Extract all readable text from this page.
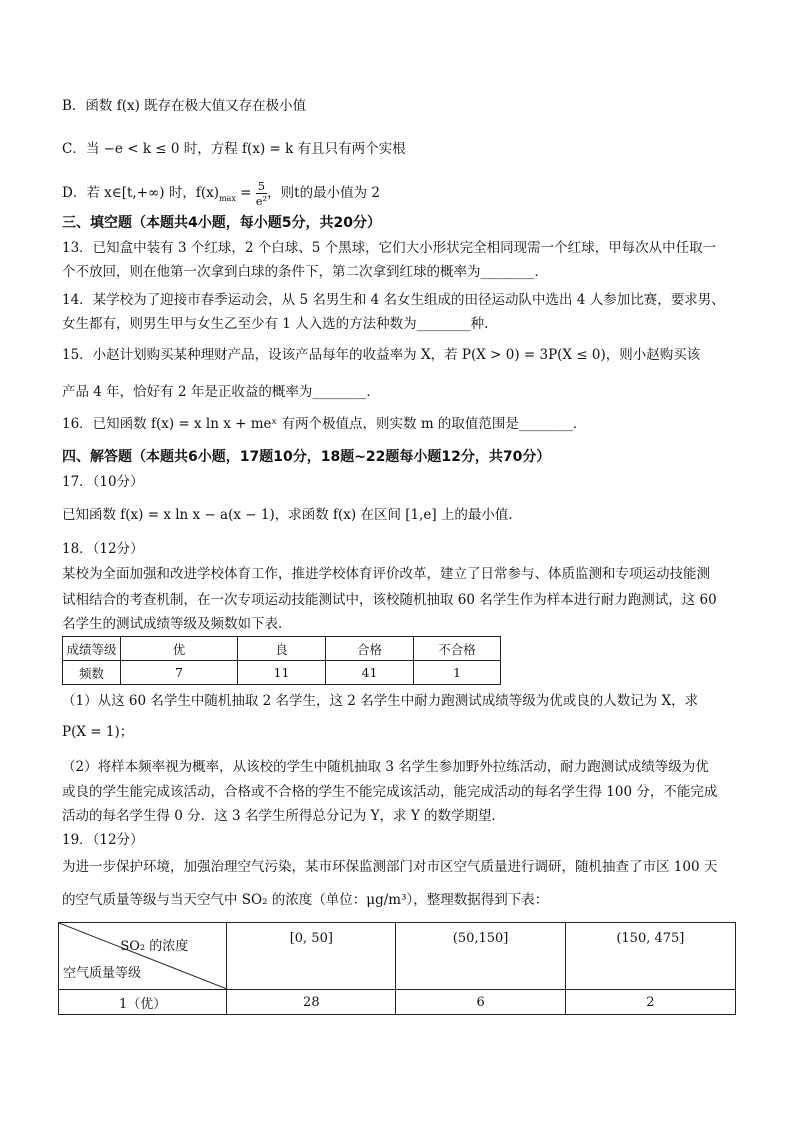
B．函数 f(x) 既存在极大值又存在极小值
C．当 −e < k ≤ 0 时，方程 f(x) = k 有且只有两个实根
D．若 x∈[t,+∞) 时，$f(x)_{max} = \frac{5}{\text{e²}}$ ，则t的最小值为 2
三、填空题（本题共4小题，每小题5分，共20分）
13．已知盒中装有 3 个红球，2 个白球、5 个黑球，它们大小形状完全相同现需一个红球，甲每次从中任取一
个不放回，则在他第一次拿到白球的条件下，第二次拿到红球的概率为________．
14．某学校为了迎接市春季运动会，从 5 名男生和 4 名女生组成的田径运动队中选出 4 人参加比赛，要求男、
女生都有，则男生甲与女生乙至少有 1 人入选的方法种数为________种．
15．小赵计划购买某种理财产品，设该产品每年的收益率为 X，若 P(X > 0) = 3P(X ≤ 0)，则小赵购买该
产品 4 年，恰好有 2 年是正收益的概率为________．
16．已知函数 f(x) = x ln x + meˣ 有两个极值点，则实数 m 的取值范围是________．
四、解答题（本题共6小题，17题10分，18题~22题每小题12分，共70分）
17．（10分）
已知函数 f(x) = x ln x − a(x − 1)，求函数 f(x) 在区间 [1,e] 上的最小值．
18．（12分）
某校为全面加强和改进学校体育工作，推进学校体育评价改革，建立了日常参与、体质监测和专项运动技能测
试相结合的考查机制，在一次专项运动技能测试中，该校随机抽取 60 名学生作为样本进行耐力跑测试，这 60
名学生的测试成绩等级及频数如下表．
成绩等级	优	良	合格	不合格
频数	7	11	41	1
（1）从这 60 名学生中随机抽取 2 名学生，这 2 名学生中耐力跑测试成绩等级为优或良的人数记为 X，求
P(X = 1)；
（2）将样本频率视为概率，从该校的学生中随机抽取 3 名学生参加野外拉练活动，耐力跑测试成绩等级为优
或良的学生能完成该活动，合格或不合格的学生不能完成该活动，能完成活动的每名学生得 100 分，不能完成
活动的每名学生得 0 分．这 3 名学生所得总分记为 Y，求 Y 的数学期望．
19．（12分）
为进一步保护环境，加强治理空气污染，某市环保监测部门对市区空气质量进行调研，随机抽查了市区 100 天
的空气质量等级与当天空气中 SO₂ 的浓度（单位：μg/m³），整理数据得到下表：
SO₂ 的浓度
空气质量等级	[0, 50]	(50,150]	(150, 475]
1（优）	28	6	2
